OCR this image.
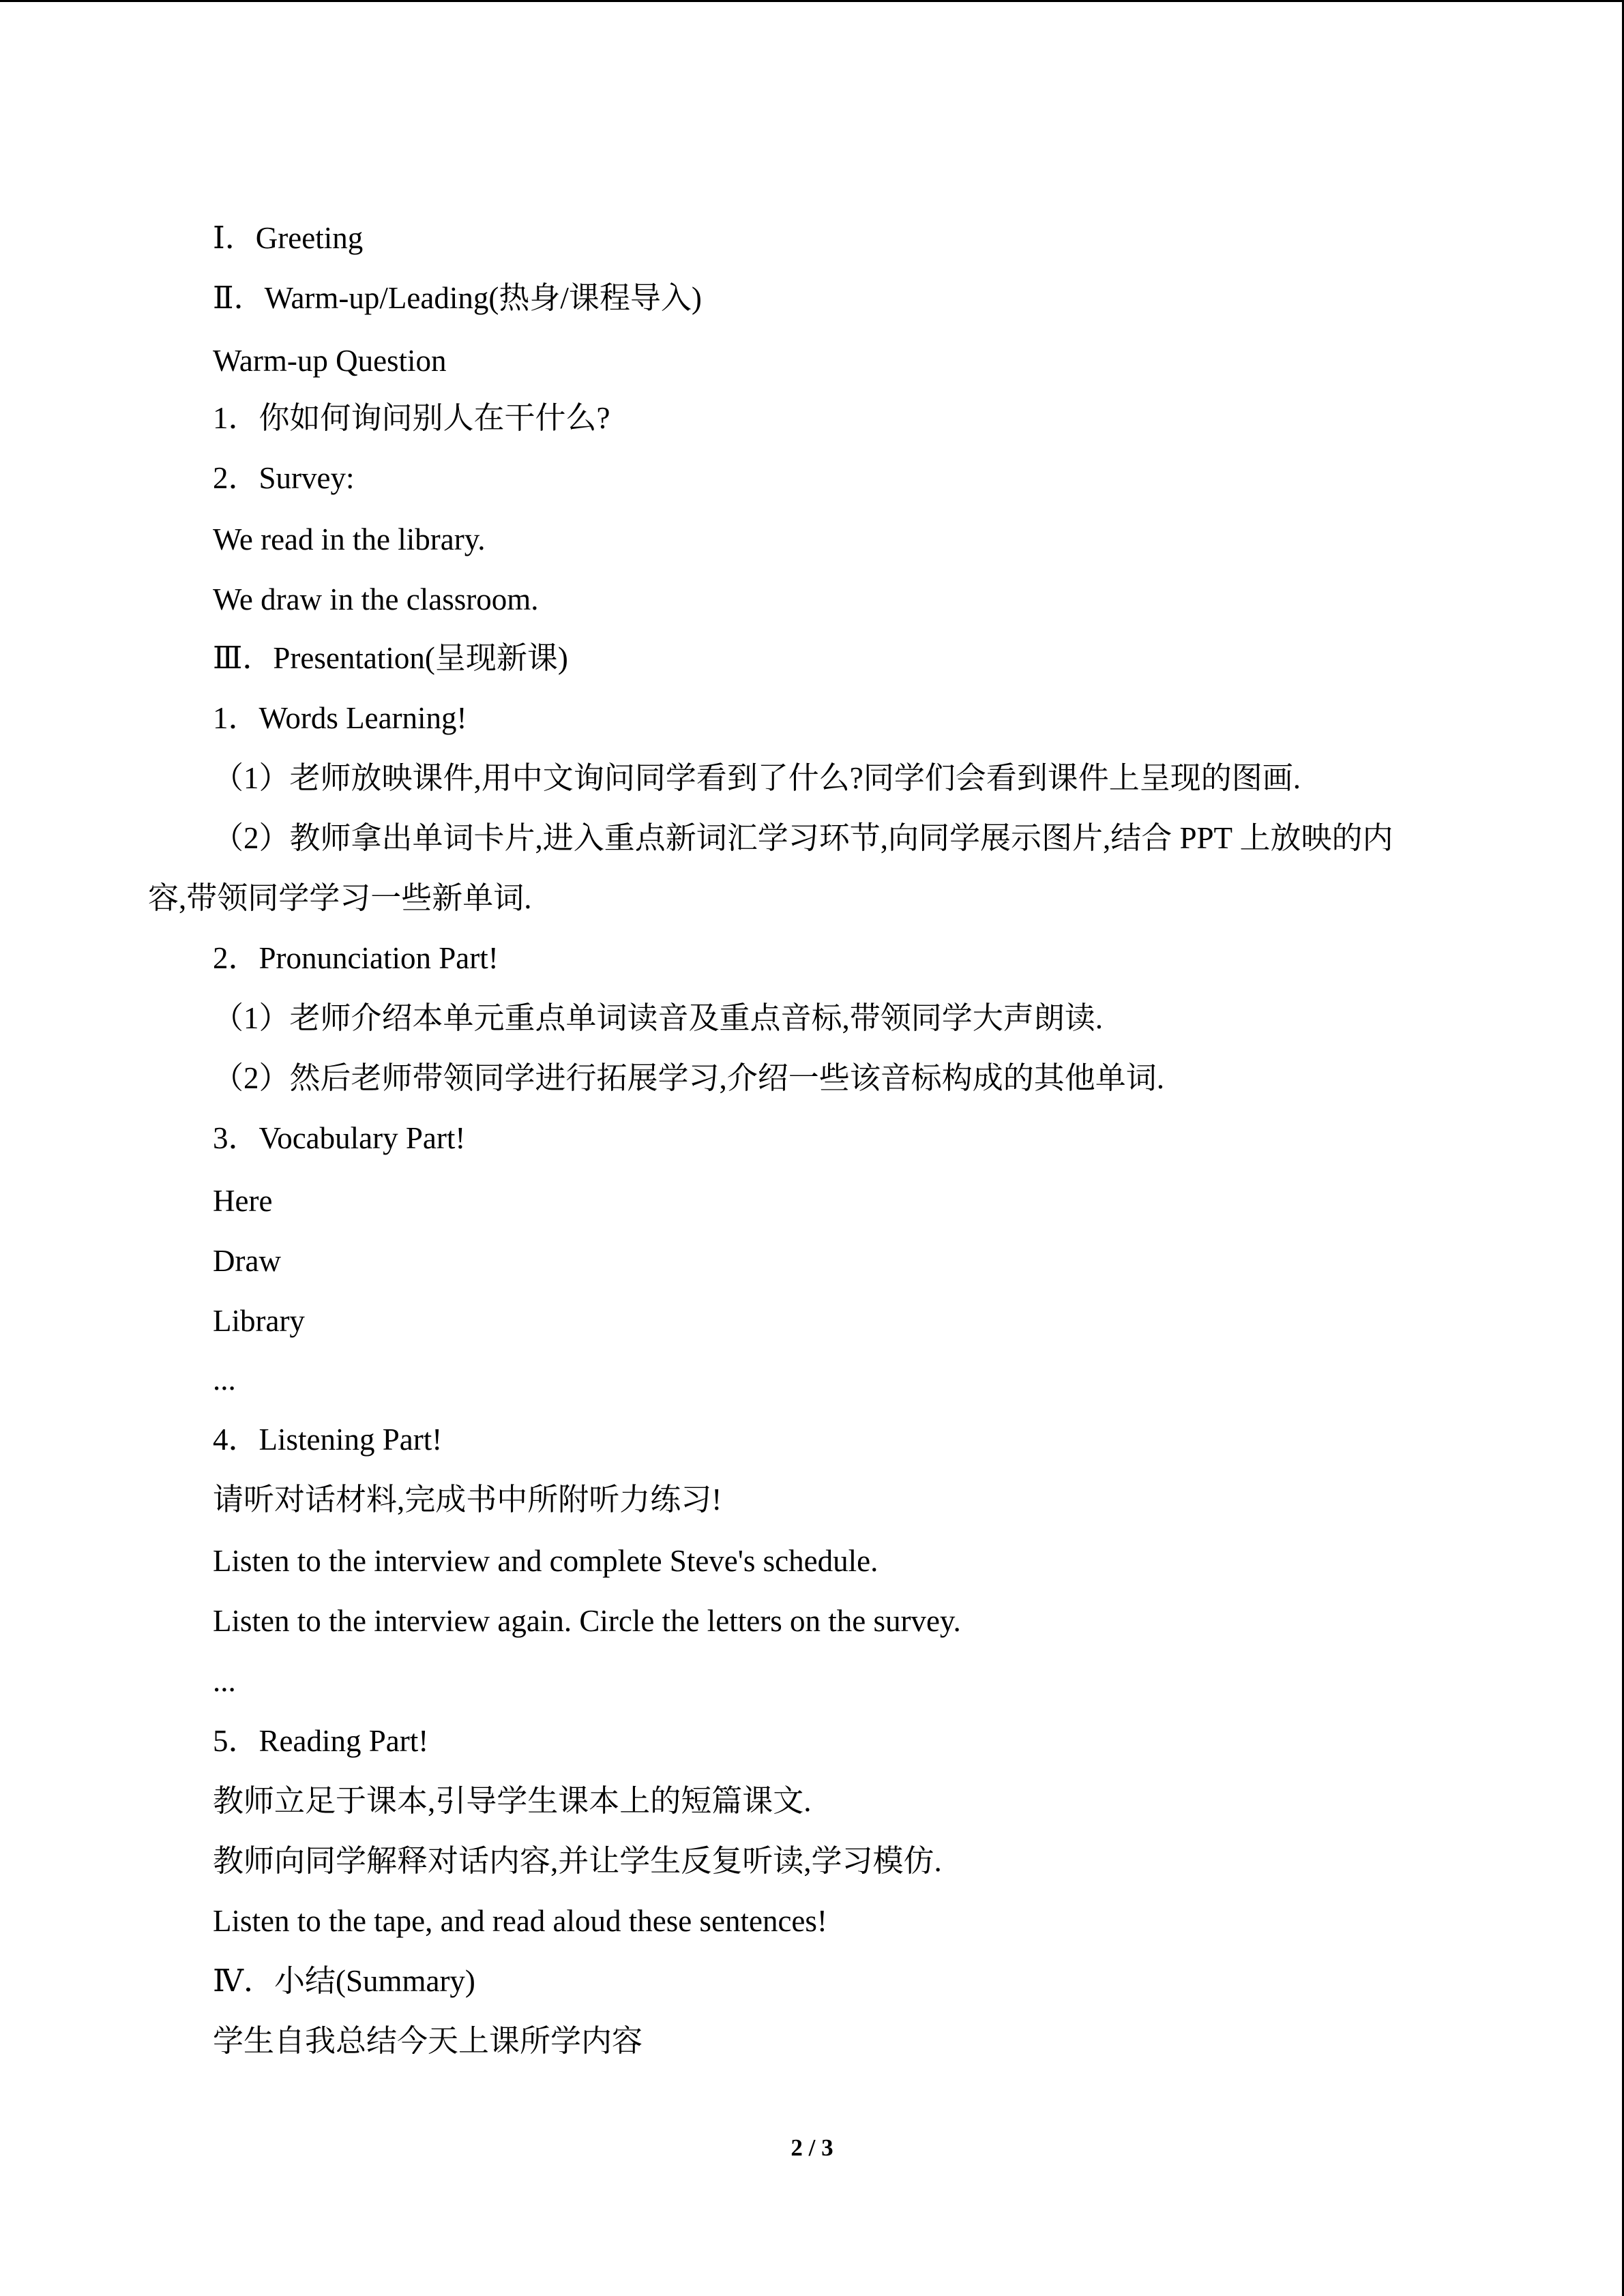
Ⅰ．Greeting
Ⅱ．Warm-up/Leading(热身/课程导入)
Warm-up Question
1．你如何询问别人在干什么?
2．Survey:
We read in the library.
We draw in the classroom.
Ⅲ．Presentation(呈现新课)
1．Words Learning!
（1）老师放映课件,用中文询问同学看到了什么?同学们会看到课件上呈现的图画.
（2）教师拿出单词卡片,进入重点新词汇学习环节,向同学展示图片,结合 PPT 上放映的内
容,带领同学学习一些新单词.
2．Pronunciation Part!
（1）老师介绍本单元重点单词读音及重点音标,带领同学大声朗读.
（2）然后老师带领同学进行拓展学习,介绍一些该音标构成的其他单词.
3．Vocabulary Part!
Here
Draw
Library
...
4．Listening Part!
请听对话材料,完成书中所附听力练习!
Listen to the interview and complete Steve's schedule.
Listen to the interview again. Circle the letters on the survey.
...
5．Reading Part!
教师立足于课本,引导学生课本上的短篇课文.
教师向同学解释对话内容,并让学生反复听读,学习模仿.
Listen to the tape, and read aloud these sentences!
Ⅳ．小结(Summary)
学生自我总结今天上课所学内容
2 / 3
